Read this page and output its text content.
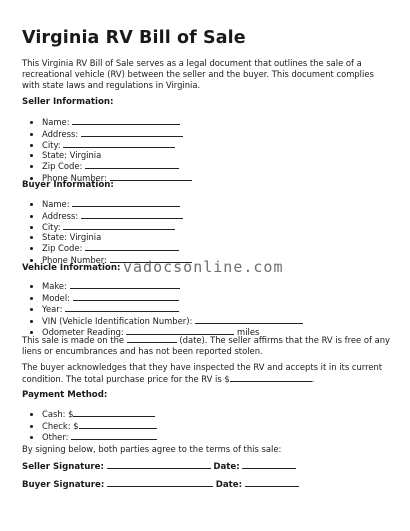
Virginia RV Bill of Sale

This Virginia RV Bill of Sale serves as a legal document that outlines the sale of a recreational vehicle (RV) between the seller and the buyer. This document complies with state laws and regulations in Virginia.

Seller Information:

• Name:
• Address:
• City:
• State: Virginia
• Zip Code:
• Phone Number:

Buyer Information:

• Name:
• Address:
• City:
• State: Virginia
• Zip Code:
• Phone Number:

Vehicle Information: vadocsonline.com
• Make:
• Model:
• Year:
• VIN (Vehicle Identification Number):
• Odometer Reading:	miles

This sale is made on the	(date). The seller affirms that the RV is free of any liens or encumbrances and has not been reported stolen.

The buyer acknowledges that they have inspected the RV and accepts it in its current condition. The total purchase price for the RV is $	.

Payment Method:

• Cash: $
• Check: $
• Other:

By signing below, both parties agree to the terms of this sale:

Seller Signature:	Date:

Buyer Signature:	Date:
